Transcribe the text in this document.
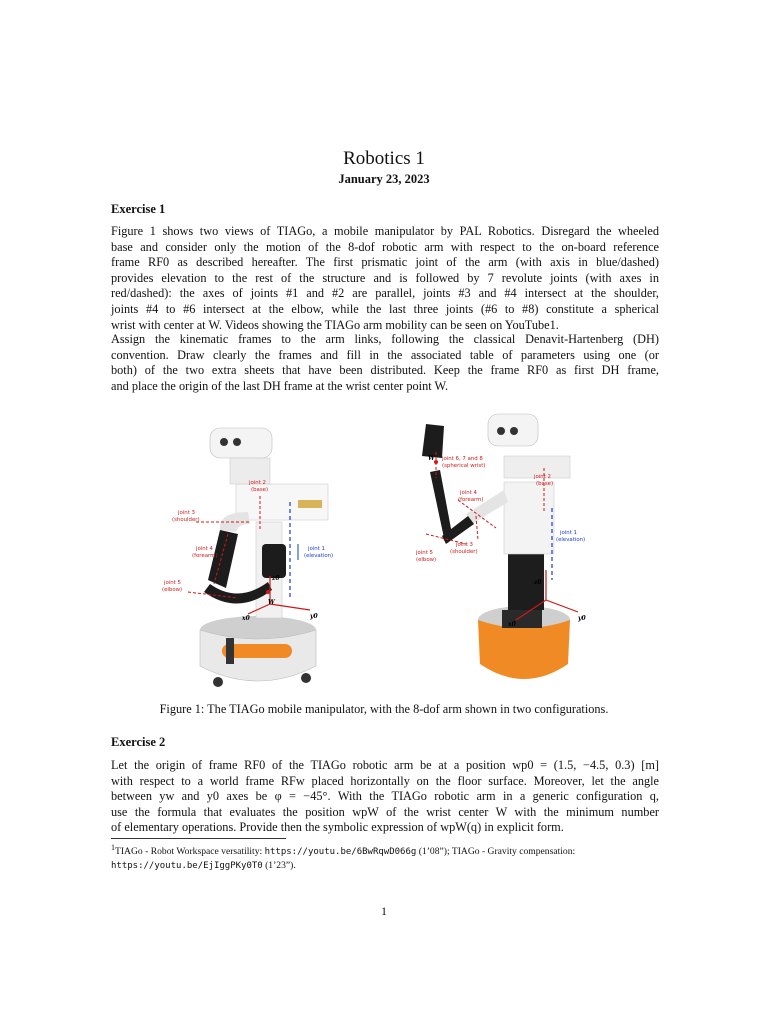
Robotics 1
January 23, 2023
Exercise 1
Figure 1 shows two views of TIAGo, a mobile manipulator by PAL Robotics. Disregard the wheeled
base and consider only the motion of the 8-dof robotic arm with respect to the on-board reference
frame RF0 as described hereafter. The first prismatic joint of the arm (with axis in blue/dashed)
provides elevation to the rest of the structure and is followed by 7 revolute joints (with axes in
red/dashed): the axes of joints #1 and #2 are parallel, joints #3 and #4 intersect at the shoulder,
joints #4 to #6 intersect at the elbow, while the last three joints (#6 to #8) constitute a spherical
wrist with center at W. Videos showing the TIAGo arm mobility can be seen on YouTube1.
Assign the kinematic frames to the arm links, following the classical Denavit-Hartenberg (DH)
convention. Draw clearly the frames and fill in the associated table of parameters using one (or
both) of the two extra sheets that have been distributed. Keep the frame RF0 as first DH frame,
and place the origin of the last DH frame at the wrist center point W.
joint 2
(base)
joint 3
(shoulder)
joint 4
(forearm)
joint 5
(elbow)
joint 1
(elevation)
W
x0	y0
z0
joint 6, 7 and 8
(spherical wrist)
joint 2
(base)
joint 4
(forearm)
joint 1
(elevation)
joint 5
(elbow)
joint 3
(shoulder)
W
x0
y0
z0
Figure 1: The TIAGo mobile manipulator, with the 8-dof arm shown in two configurations.
Exercise 2
Let the origin of frame RF0 of the TIAGo robotic arm be at a position wp0 = (1.5, −4.5, 0.3) [m]
with respect to a world frame RFw placed horizontally on the floor surface. Moreover, let the angle
between yw and y0 axes be φ = −45°. With the TIAGo robotic arm in a generic configuration q,
use the formula that evaluates the position wpW of the wrist center W with the minimum number
of elementary operations. Provide then the symbolic expression of wpW(q) in explicit form.
$^1$TIAGo - Robot Workspace versatility: https://youtu.be/6BwRqwD066g (1’08”); TIAGo - Gravity compensation:
https://youtu.be/EjIggPKy0T0 (1’23”).
1
